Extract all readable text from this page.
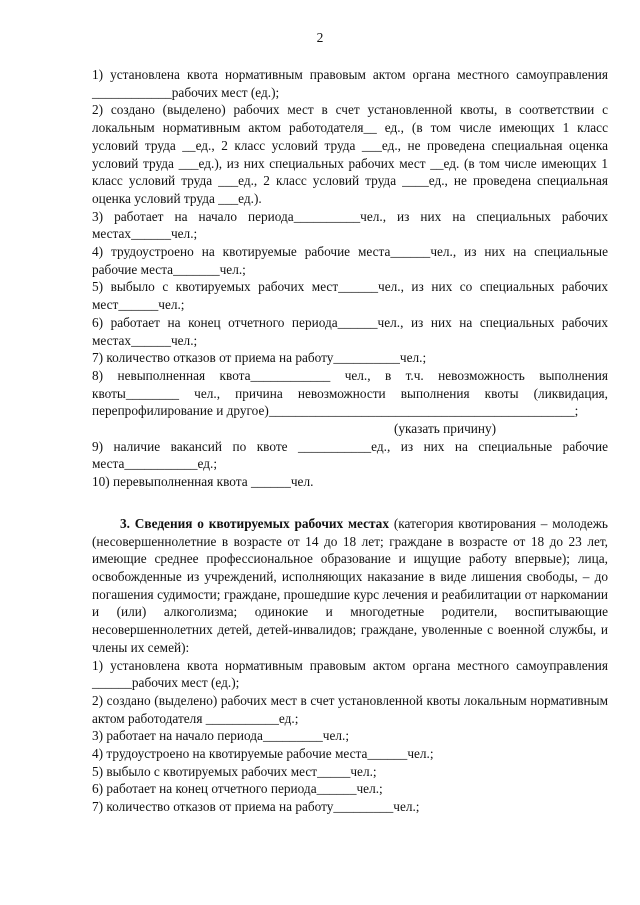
2

1) установлена квота нормативным правовым актом органа местного самоуправления ____________рабочих мест (ед.);

2) создано (выделено) рабочих мест в счет установленной квоты, в соответствии с локальным нормативным актом работодателя__ ед., (в том числе имеющих 1 класс условий труда __ед., 2 класс условий труда ___ед., не проведена специальная оценка условий труда ___ед.), из них специальных рабочих мест __ед. (в том числе имеющих 1 класс условий труда ___ед., 2 класс условий труда ____ед., не проведена специальная оценка условий труда ___ед.).

3) работает на начало периода__________чел., из них на специальных рабочих местах______чел.;

4) трудоустроено на квотируемые рабочие места______чел., из них на специальные рабочие места_______чел.;

5) выбыло с квотируемых рабочих мест______чел., из них со специальных рабочих мест______чел.;

6) работает на конец отчетного периода______чел., из них на специальных рабочих местах______чел.;

7) количество отказов от приема на работу__________чел.;

8) невыполненная квота____________ чел., в т.ч. невозможность выполнения квоты________ чел., причина невозможности выполнения квоты (ликвидация, перепрофилирование и другое)______________________________________________;

(указать причину)

9) наличие вакансий по квоте ___________ед., из них на специальные рабочие места___________ед.;

10) перевыполненная квота ______чел.

3. Сведения о квотируемых рабочих местах (категория квотирования – молодежь (несовершеннолетние в возрасте от 14 до 18 лет; граждане в возрасте от 18 до 23 лет, имеющие среднее профессиональное образование и ищущие работу впервые); лица, освобожденные из учреждений, исполняющих наказание в виде лишения свободы, – до погашения судимости; граждане, прошедшие курс лечения и реабилитации от наркомании и (или) алкоголизма; одинокие и многодетные родители, воспитывающие несовершеннолетних детей, детей-инвалидов; граждане, уволенные с военной службы, и члены их семей):

1) установлена квота нормативным правовым актом органа местного самоуправления ______рабочих мест (ед.);

2) создано (выделено) рабочих мест в счет установленной квоты локальным нормативным актом работодателя ___________ед.;

3) работает на начало периода_________чел.;

4) трудоустроено на квотируемые рабочие места______чел.;

5) выбыло с квотируемых рабочих мест_____чел.;

6) работает на конец отчетного периода______чел.;

7) количество отказов от приема на работу_________чел.;
